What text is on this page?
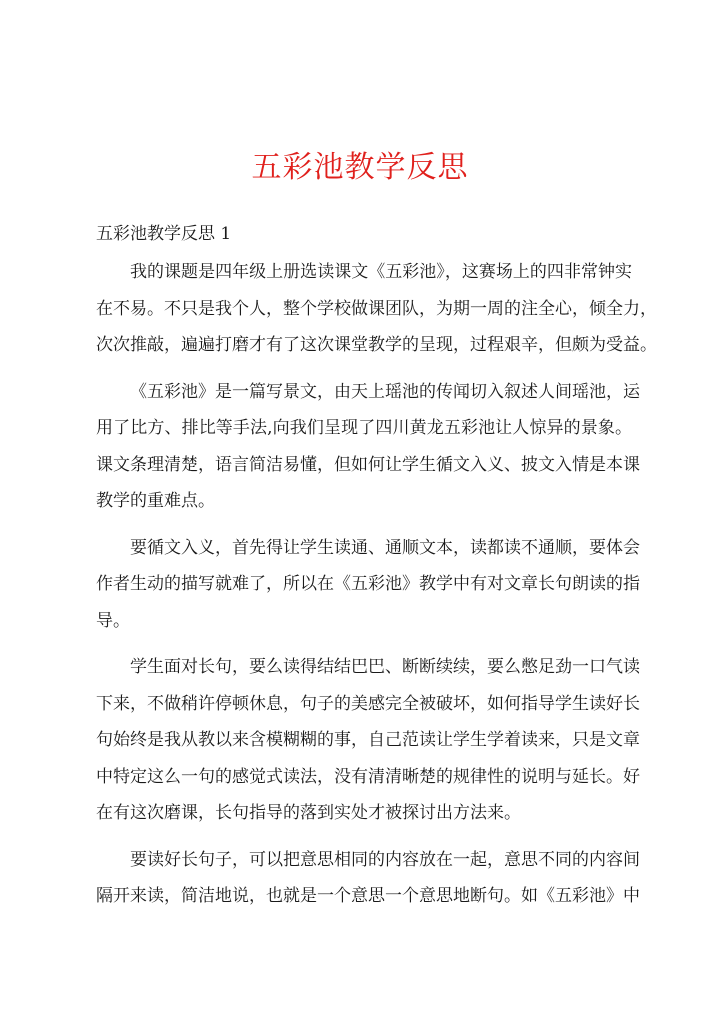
五彩池教学反思

五彩池教学反思 1

我的课题是四年级上册选读课文《五彩池》，这赛场上的四非常钟实
在不易。不只是我个人，整个学校做课团队，为期一周的注全心，倾全力，
次次推敲，遍遍打磨才有了这次课堂教学的呈现，过程艰辛，但颇为受益。

《五彩池》是一篇写景文，由天上瑶池的传闻切入叙述人间瑶池，运
用了比方、排比等手法,向我们呈现了四川黄龙五彩池让人惊异的景象。
课文条理清楚，语言简洁易懂，但如何让学生循文入义、披文入情是本课
教学的重难点。

要循文入义，首先得让学生读通、通顺文本，读都读不通顺，要体会
作者生动的描写就难了，所以在《五彩池》教学中有对文章长句朗读的指
导。

学生面对长句，要么读得结结巴巴、断断续续，要么憋足劲一口气读
下来，不做稍许停顿休息，句子的美感完全被破坏，如何指导学生读好长
句始终是我从教以来含模糊糊的事，自己范读让学生学着读来，只是文章
中特定这么一句的感觉式读法，没有清清晰楚的规律性的说明与延长。好
在有这次磨课，长句指导的落到实处才被探讨出方法来。

要读好长句子，可以把意思相同的内容放在一起，意思不同的内容间
隔开来读，简洁地说，也就是一个意思一个意思地断句。如《五彩池》中
